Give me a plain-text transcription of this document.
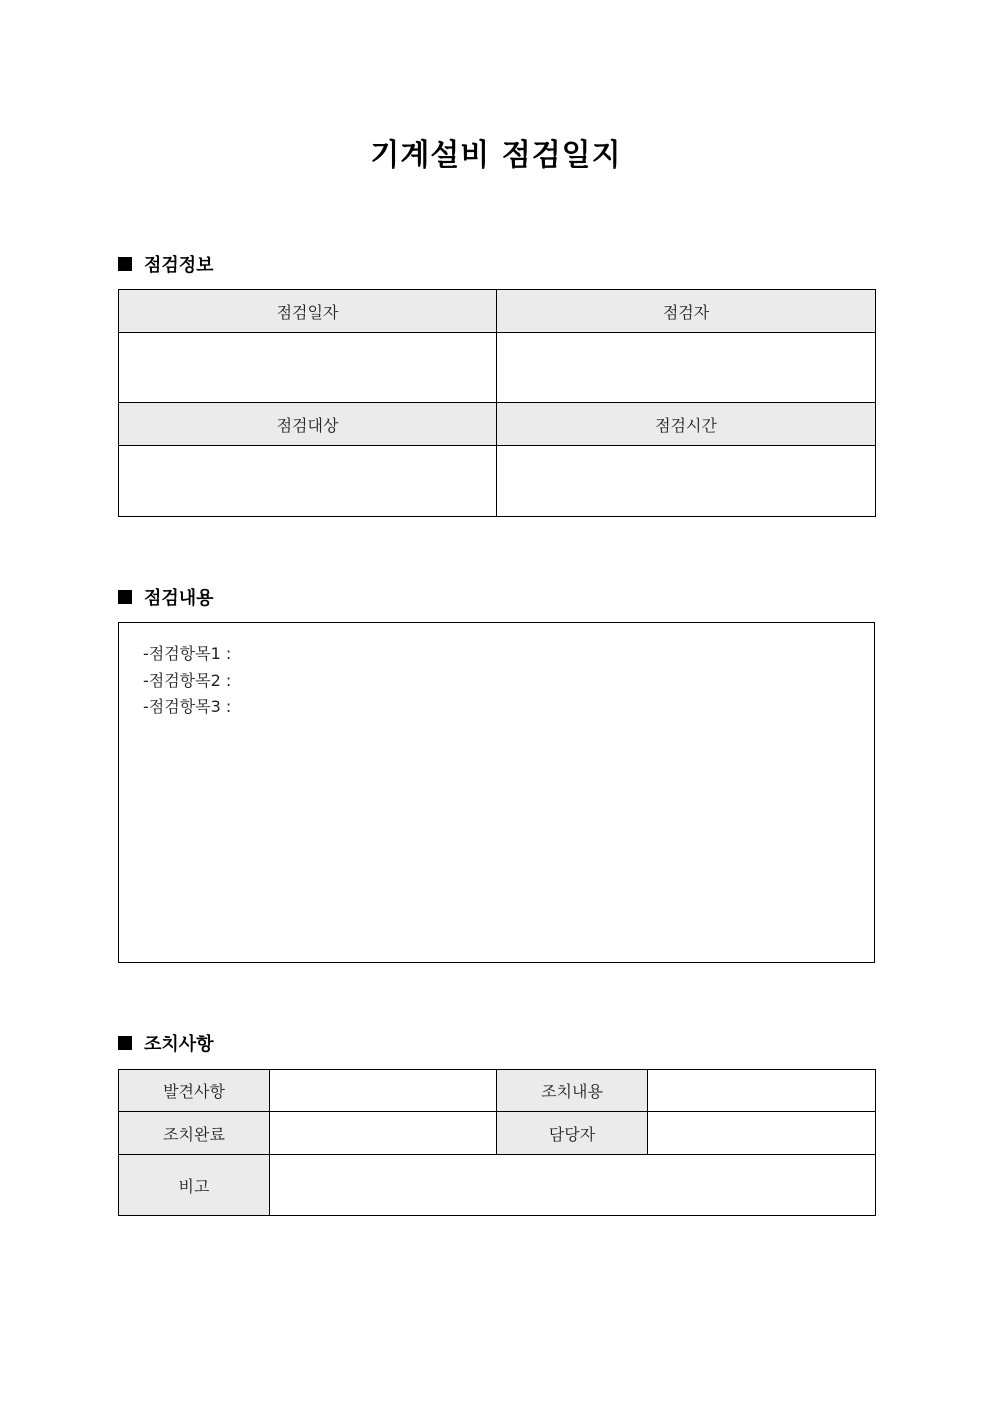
기계설비 점검일지
점검정보
점검일자	점검자

점검대상	점검시간

점검내용
-점검항목1 :
-점검항목2 :
-점검항목3 :
조치사항
발견사항		조치내용	
조치완료		담당자	
비고			
